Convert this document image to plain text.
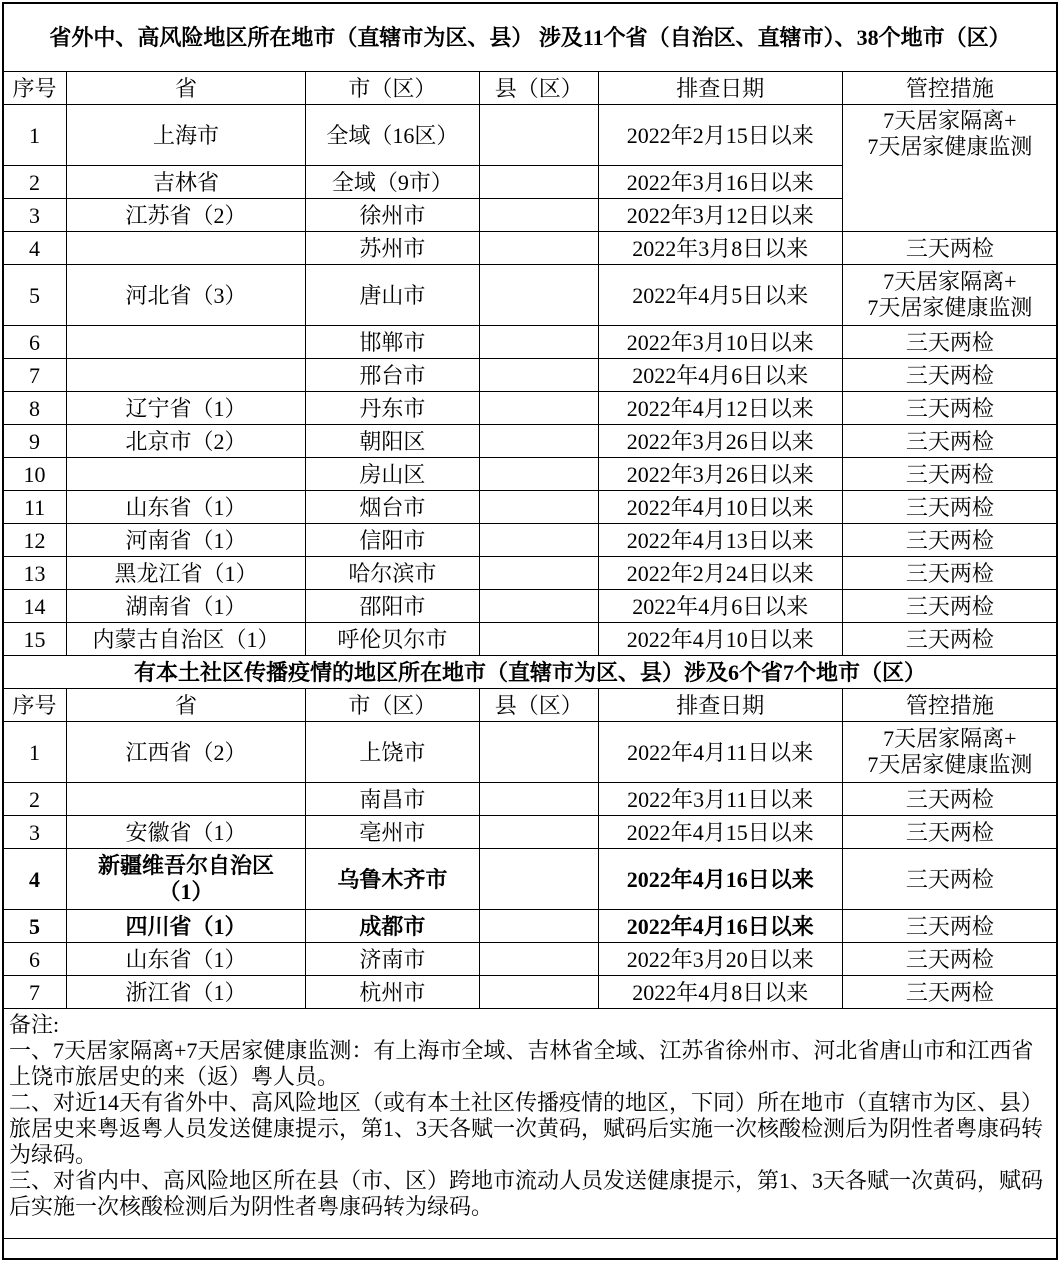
省外中、高风险地区所在地市（直辖市为区、县） 涉及11个省（自治区、直辖市）、38个地市（区）					
序号	省	市（区）	县（区）	排查日期	管控措施
1	上海市	全域（16区）		2022年2月15日以来	7天居家隔离+
7天居家健康监测
2	吉林省	全域（9市）		2022年3月16日以来	
3	江苏省（2）	徐州市		2022年3月12日以来	
4		苏州市		2022年3月8日以来	三天两检
5	河北省（3）	唐山市		2022年4月5日以来	7天居家隔离+
7天居家健康监测
6		邯郸市		2022年3月10日以来	三天两检
7		邢台市		2022年4月6日以来	三天两检
8	辽宁省（1）	丹东市		2022年4月12日以来	三天两检
9	北京市（2）	朝阳区		2022年3月26日以来	三天两检
10		房山区		2022年3月26日以来	三天两检
11	山东省（1）	烟台市		2022年4月10日以来	三天两检
12	河南省（1）	信阳市		2022年4月13日以来	三天两检
13	黑龙江省（1）	哈尔滨市		2022年2月24日以来	三天两检
14	湖南省（1）	邵阳市		2022年4月6日以来	三天两检
15	内蒙古自治区（1）	呼伦贝尔市		2022年4月10日以来	三天两检
有本土社区传播疫情的地区所在地市（直辖市为区、县）涉及6个省7个地市（区）					
序号	省	市（区）	县（区）	排查日期	管控措施
1	江西省（2）	上饶市		2022年4月11日以来	7天居家隔离+
7天居家健康监测
2		南昌市		2022年3月11日以来	三天两检
3	安徽省（1）	亳州市		2022年4月15日以来	三天两检
4	新疆维吾尔自治区
（1）	乌鲁木齐市		2022年4月16日以来	三天两检
5	四川省（1）	成都市		2022年4月16日以来	三天两检
6	山东省（1）	济南市		2022年3月20日以来	三天两检
7	浙江省（1）	杭州市		2022年4月8日以来	三天两检

备注:
一、7天居家隔离+7天居家健康监测：有上海市全域、吉林省全域、江苏省徐州市、河北省唐山市和江西省上饶市旅居史的来（返）粤人员。
二、对近14天有省外中、高风险地区（或有本土社区传播疫情的地区，下同）所在地市（直辖市为区、县）旅居史来粤返粤人员发送健康提示，第1、3天各赋一次黄码，赋码后实施一次核酸检测后为阴性者粤康码转为绿码。
三、对省内中、高风险地区所在县（市、区）跨地市流动人员发送健康提示，第1、3天各赋一次黄码，赋码后实施一次核酸检测后为阴性者粤康码转为绿码。					
